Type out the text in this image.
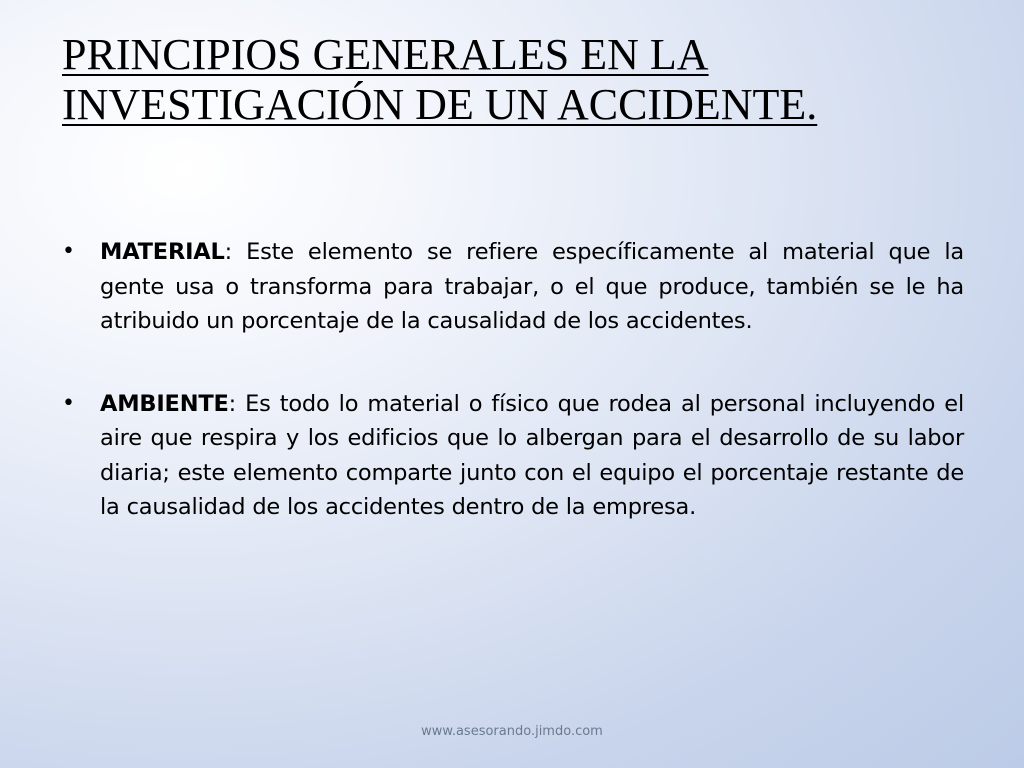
PRINCIPIOS GENERALES EN LA
INVESTIGACIÓN DE UN ACCIDENTE.
• MATERIAL: Este elemento se refiere específicamente al material que la gente usa o transforma para trabajar, o el que produce, también se le ha atribuido un porcentaje de la causalidad de los accidentes.

• AMBIENTE: Es todo lo material o físico que rodea al personal incluyendo el aire que respira y los edificios que lo albergan para el desarrollo de su labor diaria; este elemento comparte junto con el equipo el porcentaje restante de la causalidad de los accidentes dentro de la empresa.

www.asesorando.jimdo.com
